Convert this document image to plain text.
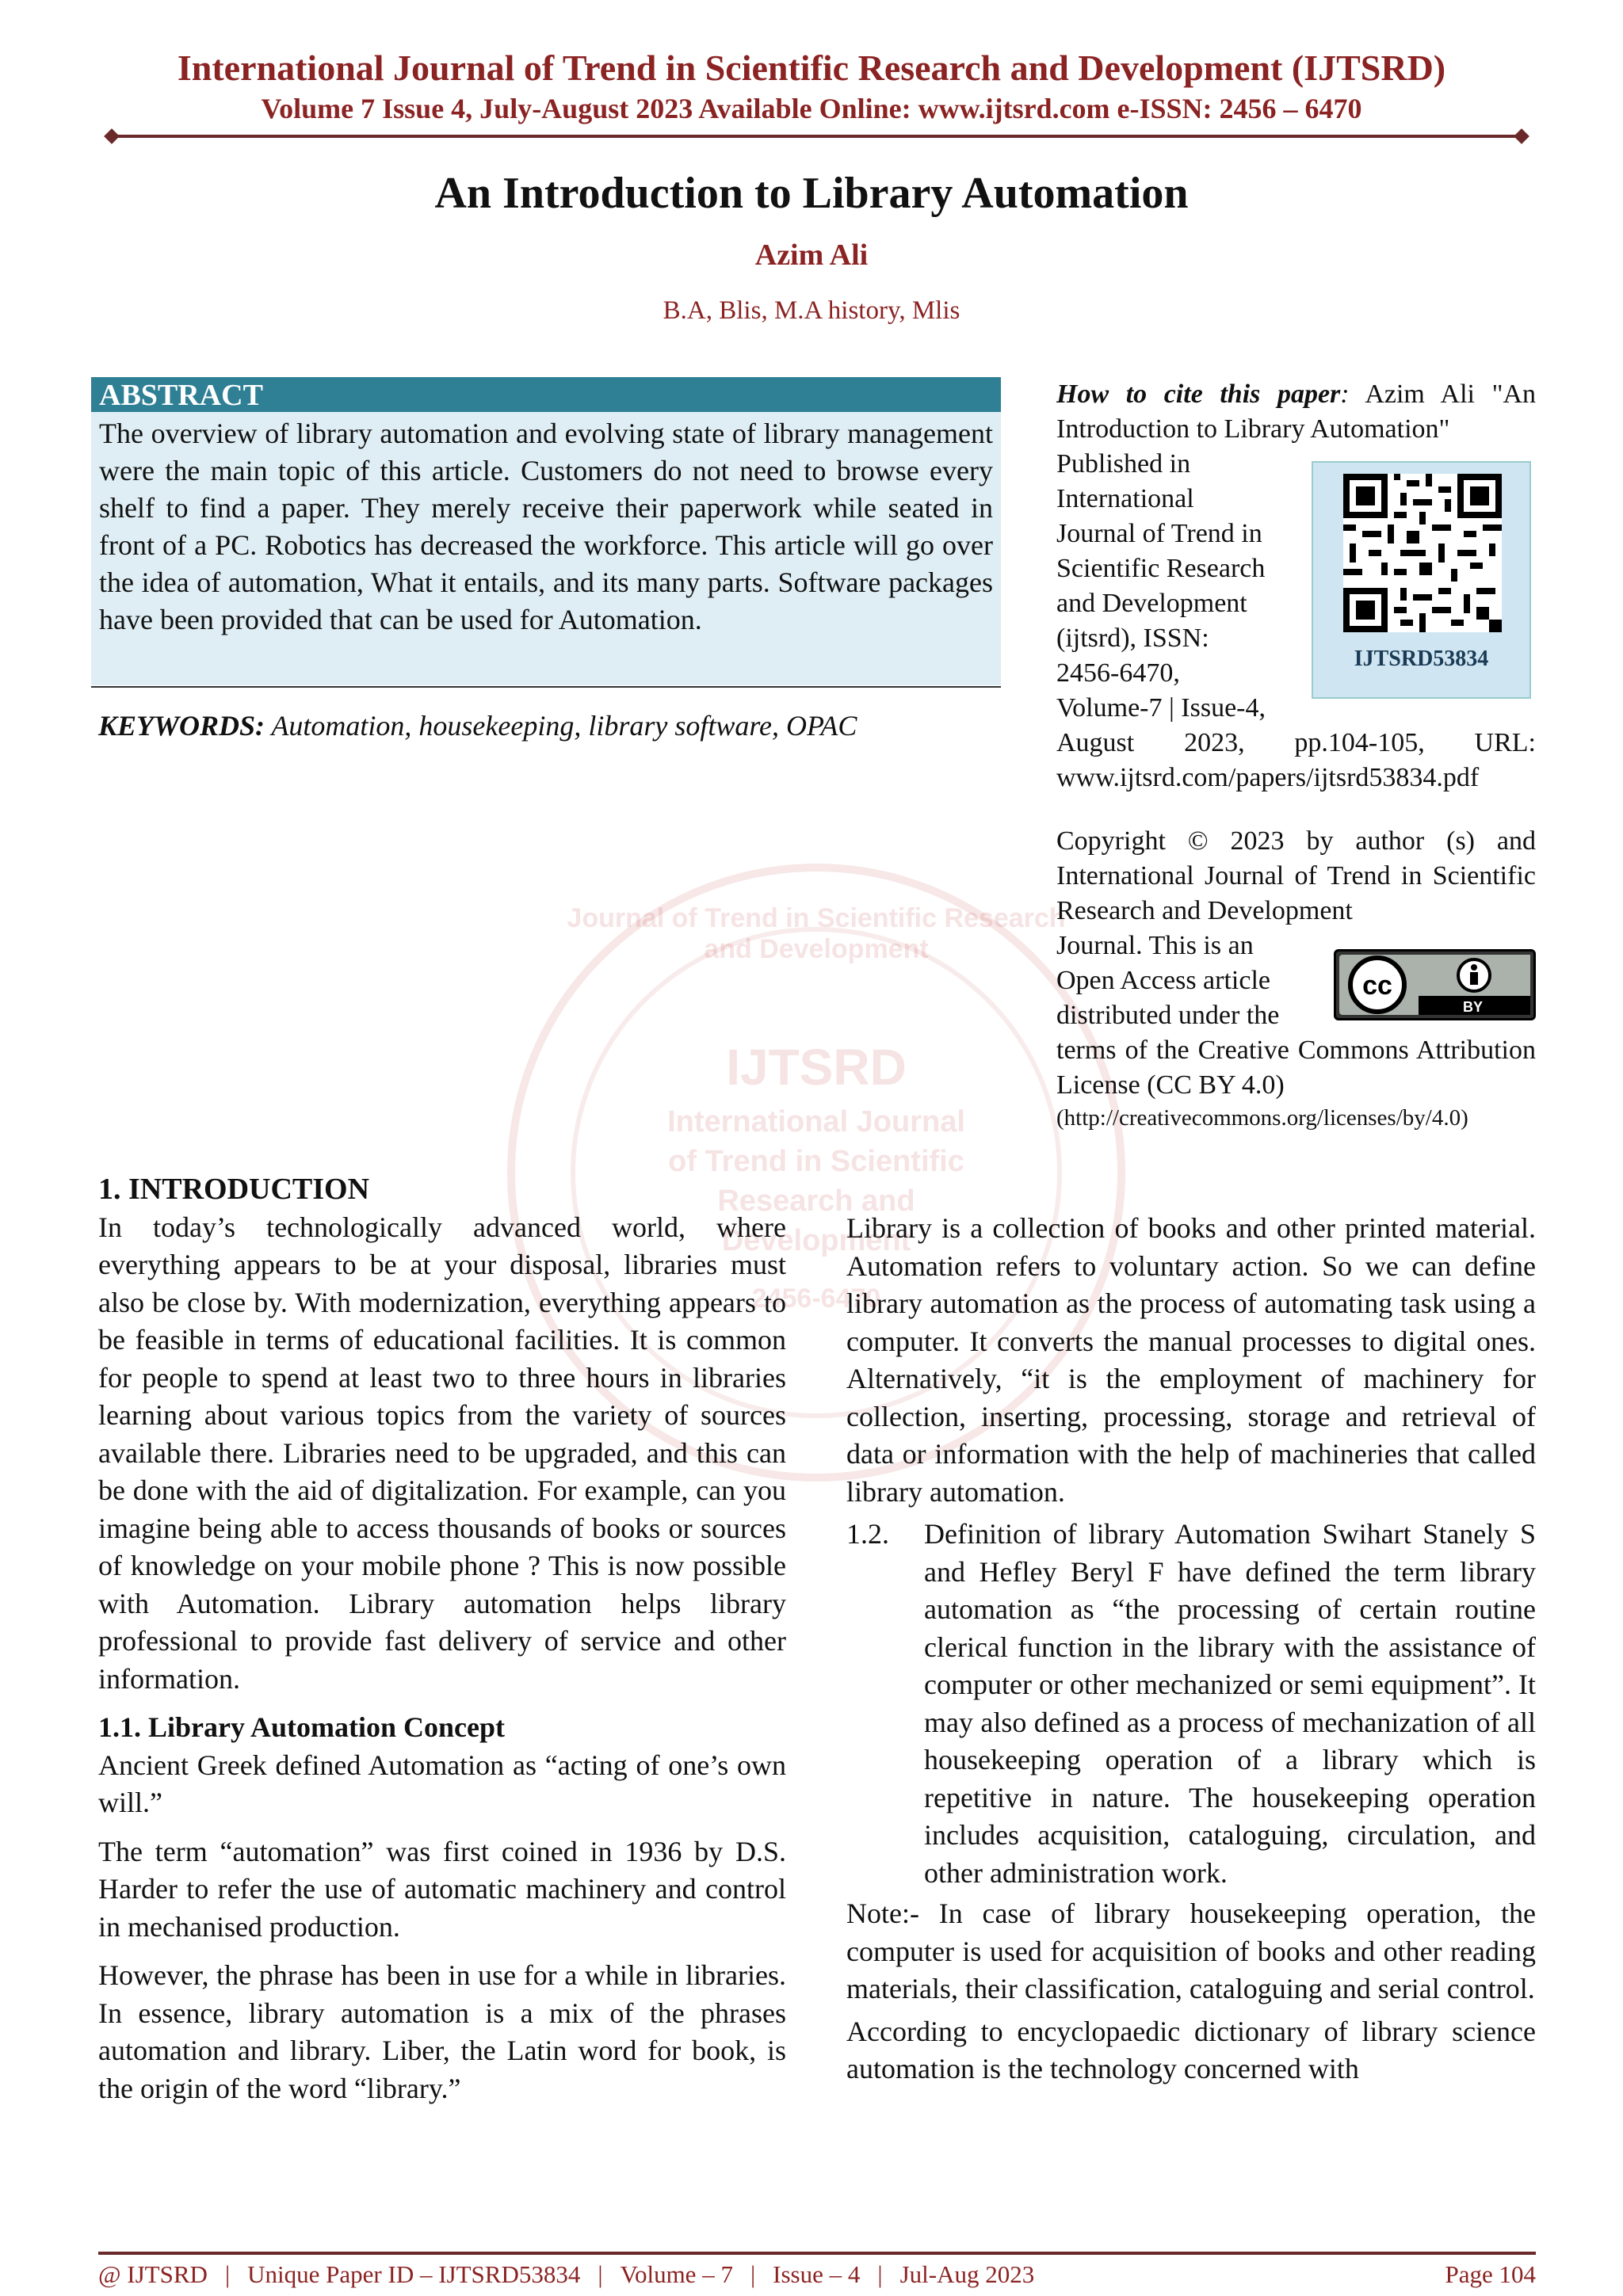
International Journal of Trend in Scientific Research and Development (IJTSRD)
Volume 7 Issue 4, July-August 2023 Available Online: www.ijtsrd.com e-ISSN: 2456 – 6470
An Introduction to Library Automation
Azim Ali
B.A, Blis, M.A history, Mlis
IJTSRD
International Journal
of Trend in Scientific
Research and
Development
2456-6470
Journal of Trend in Scientific Research and Development
ABSTRACT
The overview of library automation and evolving state of library management were the main topic of this article. Customers do not need to browse every shelf to find a paper. They merely receive their paperwork while seated in front of a PC. Robotics has decreased the workforce. This article will go over the idea of automation, What it entails, and its many parts. Software packages have been provided that can be used for Automation.
KEYWORDS: Automation, housekeeping, library software, OPAC

How to cite this paper: Azim Ali "An Introduction to Library Automation"

Published in
International
Journal of Trend in
Scientific Research
and Development
(ijtsrd), ISSN:
2456-6470,
Volume-7 | Issue-4,

August 2023, pp.104-105, URL: www.ijtsrd.com/papers/ijtsrd53834.pdf

IJTSRD53834

Copyright © 2023 by author (s) and International Journal of Trend in Scientific Research and Development

Journal. This is an
Open Access article
distributed under the

terms of the Creative Commons Attribution License (CC BY 4.0)

(http://creativecommons.org/licenses/by/4.0)
cc
BY
1. INTRODUCTION

In today’s technologically advanced world, where everything appears to be at your disposal, libraries must also be close by. With modernization, everything appears to be feasible in terms of educational facilities. It is common for people to spend at least two to three hours in libraries learning about various topics from the variety of sources available there. Libraries need to be upgraded, and this can be done with the aid of digitalization. For example, can you imagine being able to access thousands of books or sources of knowledge on your mobile phone ? This is now possible with Automation. Library automation helps library professional to provide fast delivery of service and other information.

1.1. Library Automation Concept

Ancient Greek defined Automation as “acting of one’s own will.”

The term “automation” was first coined in 1936 by D.S. Harder to refer the use of automatic machinery and control in mechanised production.

However, the phrase has been in use for a while in libraries. In essence, library automation is a mix of the phrases automation and library. Liber, the Latin word for book, is the origin of the word “library.”

Library is a collection of books and other printed material. Automation refers to voluntary action. So we can define library automation as the process of automating task using a computer. It converts the manual processes to digital ones. Alternatively, “it is the employment of machinery for collection, inserting, processing, storage and retrieval of data or information with the help of machineries that called library automation.

1.2.	Definition of library Automation Swihart Stanely S and Hefley Beryl F have defined the term library automation as “the processing of certain routine clerical function in the library with the assistance of computer or other mechanized or semi equipment”. It may also defined as a process of mechanization of all housekeeping operation of a library which is repetitive in nature. The housekeeping operation includes acquisition, cataloguing, circulation, and other administration work.

Note:- In case of library housekeeping operation, the computer is used for acquisition of books and other reading materials, their classification, cataloguing and serial control.

According to encyclopaedic dictionary of library science automation is the technology concerned with

@ IJTSRD | Unique Paper ID – IJTSRD53834 | Volume – 7 | Issue – 4 | Jul-Aug 2023	Page 104
